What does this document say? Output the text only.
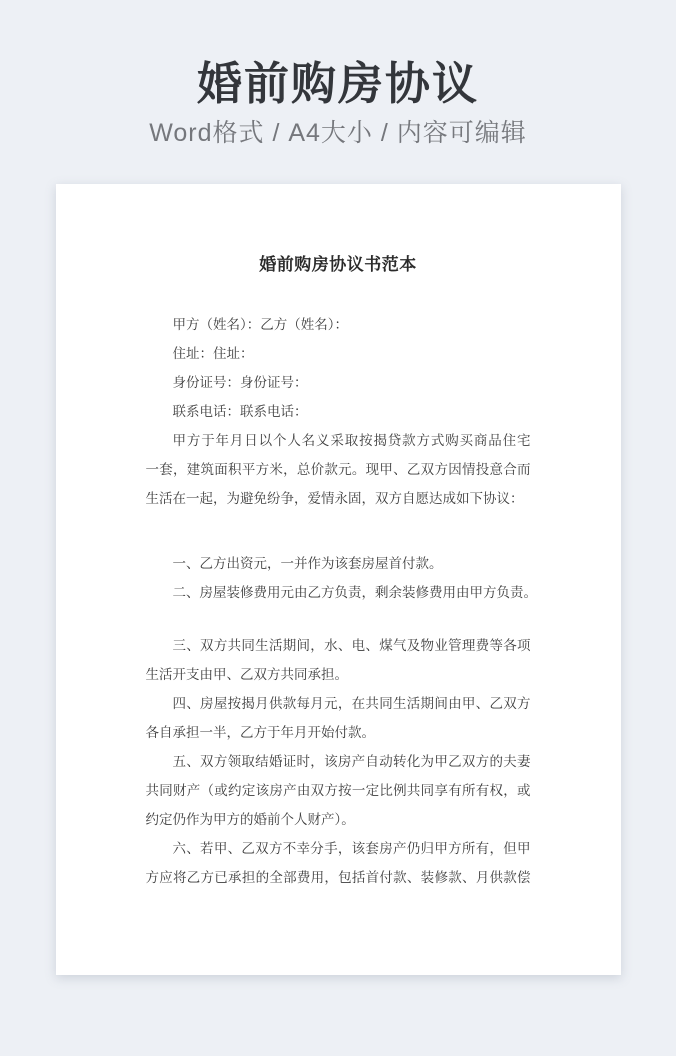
婚前购房协议
Word格式 / A4大小 / 内容可编辑
婚前购房协议书范本
甲方（姓名）：乙方（姓名）：
住址：住址：
身份证号：身份证号：
联系电话：联系电话：
甲方于年月日以个人名义采取按揭贷款方式购买商品住宅
一套，建筑面积平方米，总价款元。现甲、乙双方因情投意合而
生活在一起，为避免纷争，爱情永固，双方自愿达成如下协议：
一、乙方出资元，一并作为该套房屋首付款。
二、房屋装修费用元由乙方负责，剩余装修费用由甲方负责。
三、双方共同生活期间，水、电、煤气及物业管理费等各项
生活开支由甲、乙双方共同承担。
四、房屋按揭月供款每月元，在共同生活期间由甲、乙双方
各自承担一半，乙方于年月开始付款。
五、双方领取结婚证时，该房产自动转化为甲乙双方的夫妻
共同财产（或约定该房产由双方按一定比例共同享有所有权，或
约定仍作为甲方的婚前个人财产）。
六、若甲、乙双方不幸分手，该套房产仍归甲方所有，但甲
方应将乙方已承担的全部费用，包括首付款、装修款、月供款偿
